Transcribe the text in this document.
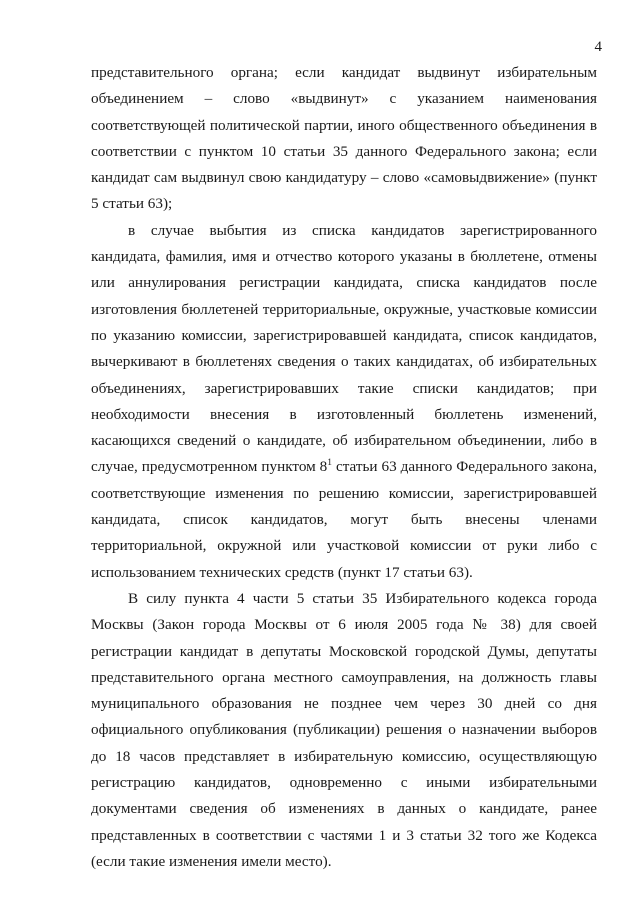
4

представительного органа; если кандидат выдвинут избирательным объединением – слово «выдвинут» с указанием наименования соответствующей политической партии, иного общественного объединения в соответствии с пунктом 10 статьи 35 данного Федерального закона; если кандидат сам выдвинул свою кандидатуру – слово «самовыдвижение» (пункт 5 статьи 63);

в случае выбытия из списка кандидатов зарегистрированного кандидата, фамилия, имя и отчество которого указаны в бюллетене, отмены или аннулирования регистрации кандидата, списка кандидатов после изготовления бюллетеней территориальные, окружные, участковые комиссии по указанию комиссии, зарегистрировавшей кандидата, список кандидатов, вычеркивают в бюллетенях сведения о таких кандидатах, об избирательных объединениях, зарегистрировавших такие списки кандидатов; при необходимости внесения в изготовленный бюллетень изменений, касающихся сведений о кандидате, об избирательном объединении, либо в случае, предусмотренном пунктом $8^1$ статьи 63 данного Федерального закона, соответствующие изменения по решению комиссии, зарегистрировавшей кандидата, список кандидатов, могут быть внесены членами территориальной, окружной или участковой комиссии от руки либо с использованием технических средств (пункт 17 статьи 63).

В силу пункта 4 части 5 статьи 35 Избирательного кодекса города Москвы (Закон города Москвы от 6 июля 2005 года № 38) для своей регистрации кандидат в депутаты Московской городской Думы, депутаты представительного органа местного самоуправления, на должность главы муниципального образования не позднее чем через 30 дней со дня официального опубликования (публикации) решения о назначении выборов до 18 часов представляет в избирательную комиссию, осуществляющую регистрацию кандидатов, одновременно с иными избирательными документами сведения об изменениях в данных о кандидате, ранее представленных в соответствии с частями 1 и 3 статьи 32 того же Кодекса (если такие изменения имели место).
